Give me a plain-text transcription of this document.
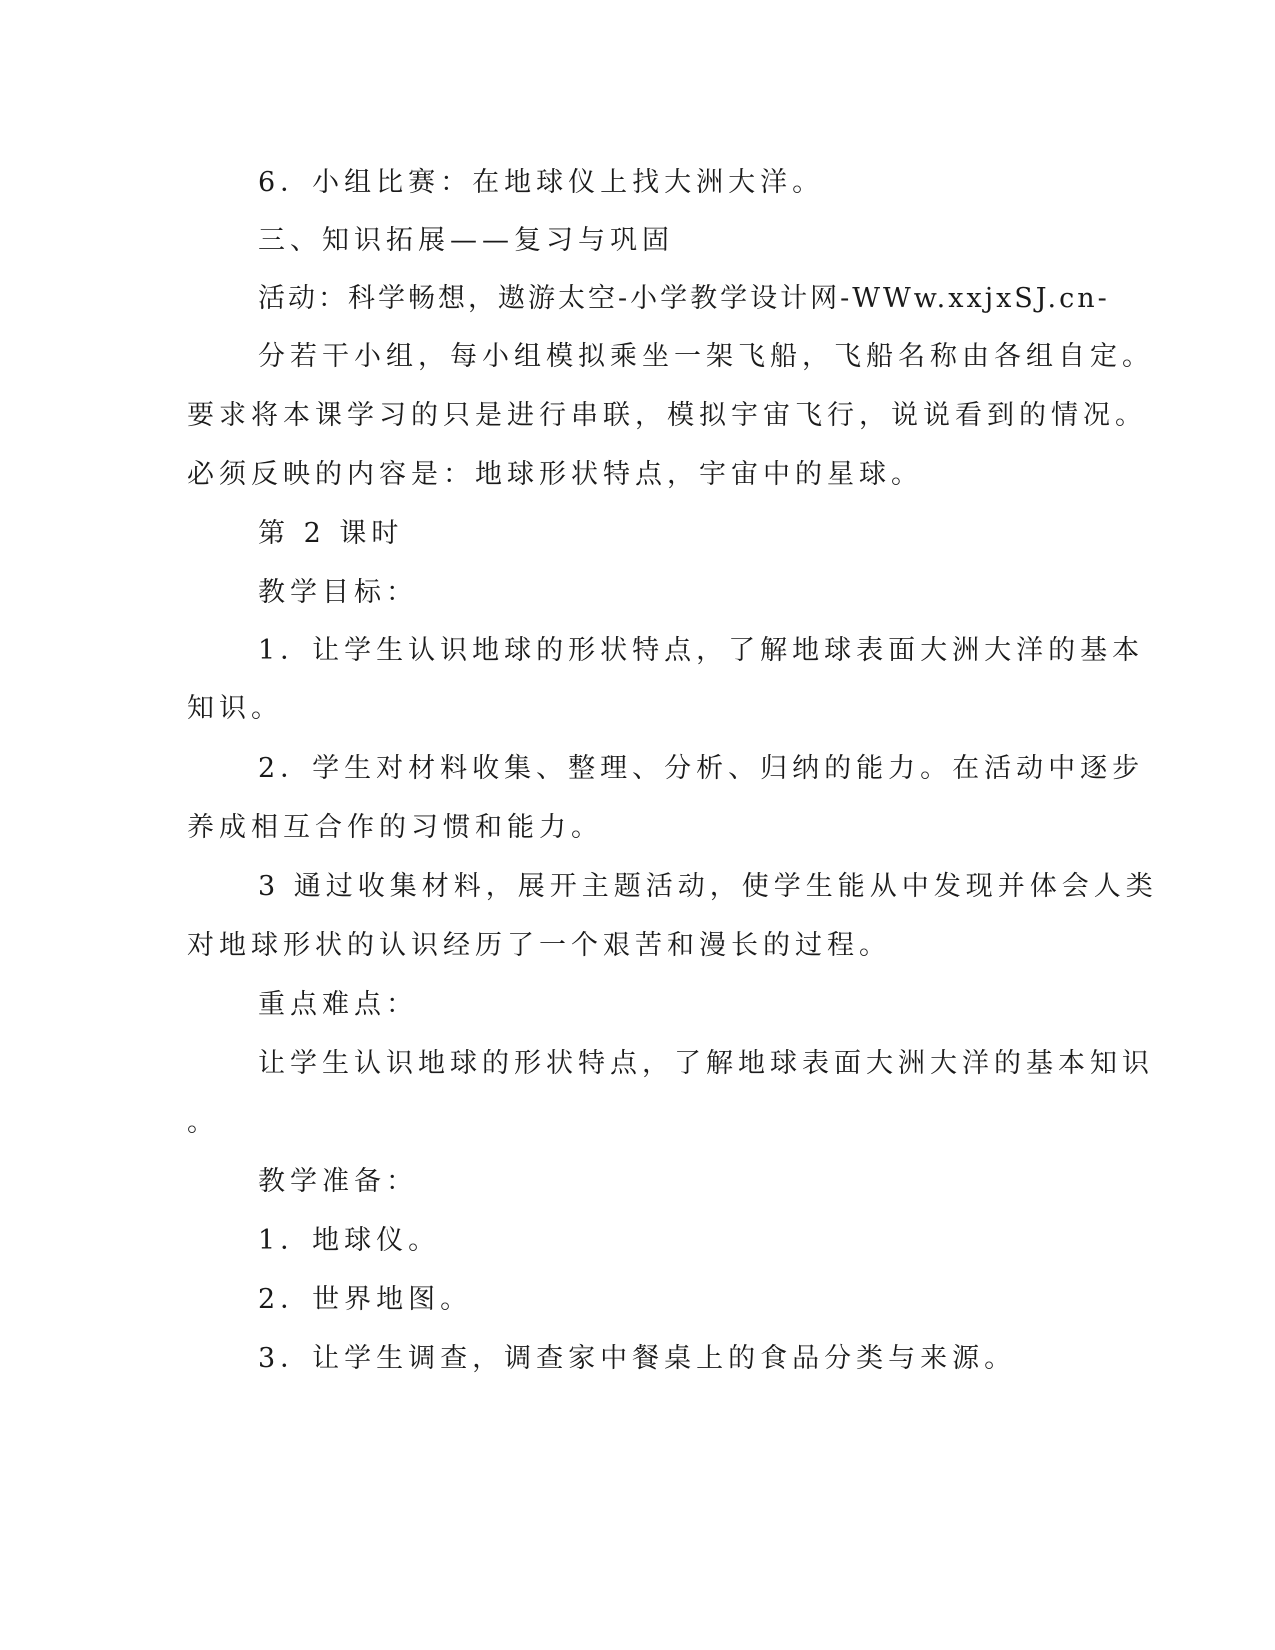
6．小组比赛：在地球仪上找大洲大洋。
三、知识拓展——复习与巩固
活动：科学畅想，遨游太空-小学教学设计网-WWw.xxjxSJ.cn-
分若干小组，每小组模拟乘坐一架飞船，飞船名称由各组自定。
要求将本课学习的只是进行串联，模拟宇宙飞行，说说看到的情况。
必须反映的内容是：地球形状特点，宇宙中的星球。
第 2 课时
教学目标：
1．让学生认识地球的形状特点，了解地球表面大洲大洋的基本
知识。
2．学生对材料收集、整理、分析、归纳的能力。在活动中逐步
养成相互合作的习惯和能力。
3 通过收集材料，展开主题活动，使学生能从中发现并体会人类
对地球形状的认识经历了一个艰苦和漫长的过程。
重点难点：
让学生认识地球的形状特点，了解地球表面大洲大洋的基本知识
。
教学准备：
1．地球仪。
2．世界地图。
3．让学生调查，调查家中餐桌上的食品分类与来源。
